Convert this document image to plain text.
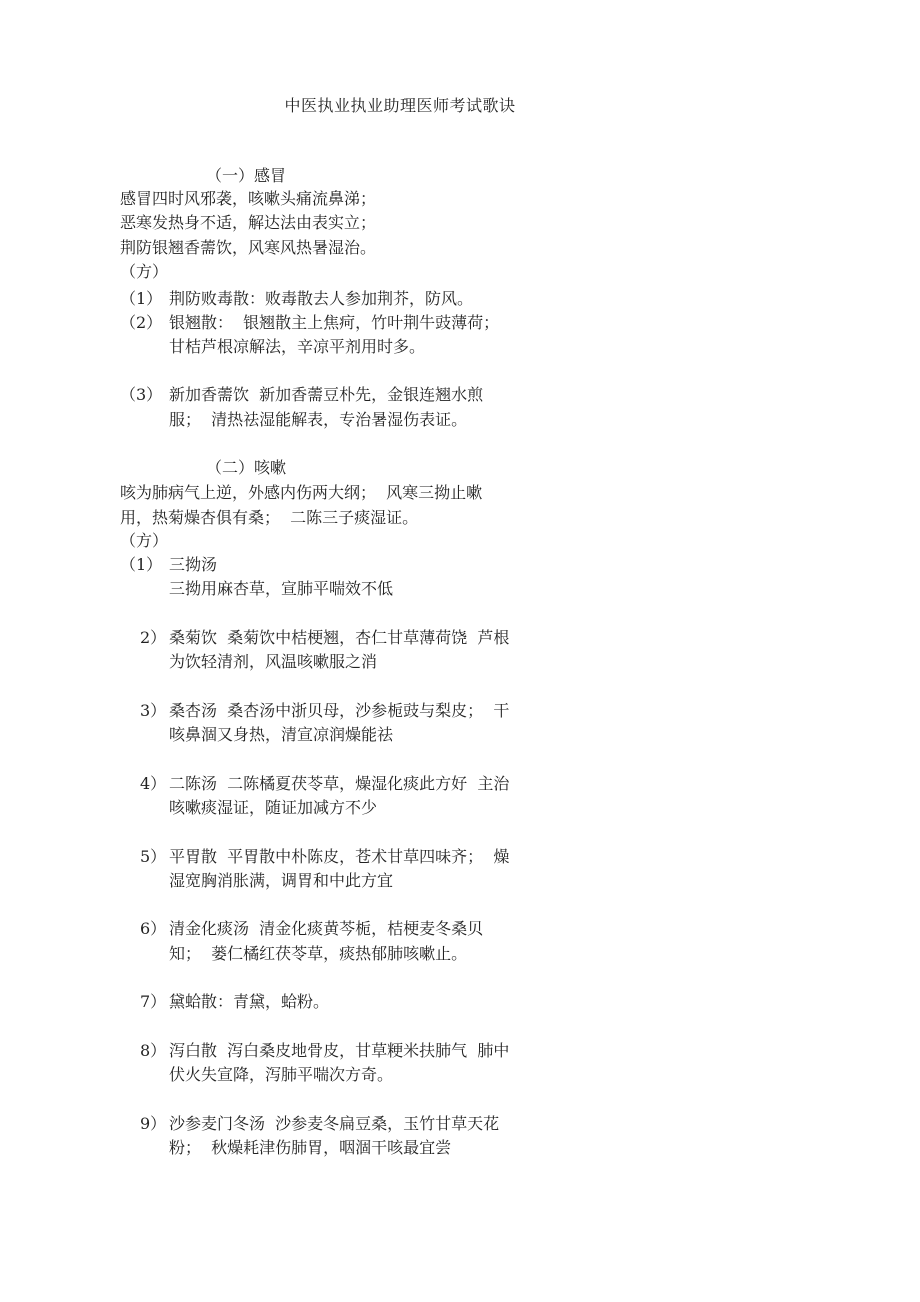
中医执业执业助理医师考试歌诀
（一）感冒
感冒四时风邪袭，咳嗽头痛流鼻涕；
恶寒发热身不适，解达法由表实立；
荆防银翘香薷饮，风寒风热暑湿治。
（方）
（1） 荆防败毒散：败毒散去人参加荆芥，防风。
（2） 银翘散：  银翘散主上焦疴，竹叶荆牛豉薄荷；
甘桔芦根凉解法，辛凉平剂用时多。
（3） 新加香薷饮  新加香薷豆朴先，金银连翘水煎
服；  清热祛湿能解表，专治暑湿伤表证。
（二）咳嗽
咳为肺病气上逆，外感内伤两大纲；  风寒三拗止嗽
用，热菊燥杏俱有桑；  二陈三子痰湿证。
（方）
（1） 三拗汤
三拗用麻杏草，宣肺平喘效不低
2） 桑菊饮  桑菊饮中桔梗翘，杏仁甘草薄荷饶  芦根
为饮轻清剂，风温咳嗽服之消
3） 桑杏汤  桑杏汤中浙贝母，沙参栀豉与梨皮；  干
咳鼻涸又身热，清宣凉润燥能祛
4） 二陈汤  二陈橘夏茯苓草，燥湿化痰此方好  主治
咳嗽痰湿证，随证加减方不少
5） 平胃散  平胃散中朴陈皮，苍术甘草四味齐；  燥
湿宽胸消胀满，调胃和中此方宜
6） 清金化痰汤  清金化痰黄芩栀，桔梗麦冬桑贝
知；  蒌仁橘红茯苓草，痰热郁肺咳嗽止。
7） 黛蛤散：青黛，蛤粉。
8） 泻白散  泻白桑皮地骨皮，甘草粳米扶肺气  肺中
伏火失宣降，泻肺平喘次方奇。
9） 沙参麦门冬汤  沙参麦冬扁豆桑，玉竹甘草天花
粉；  秋燥耗津伤肺胃，咽涸干咳最宜尝
